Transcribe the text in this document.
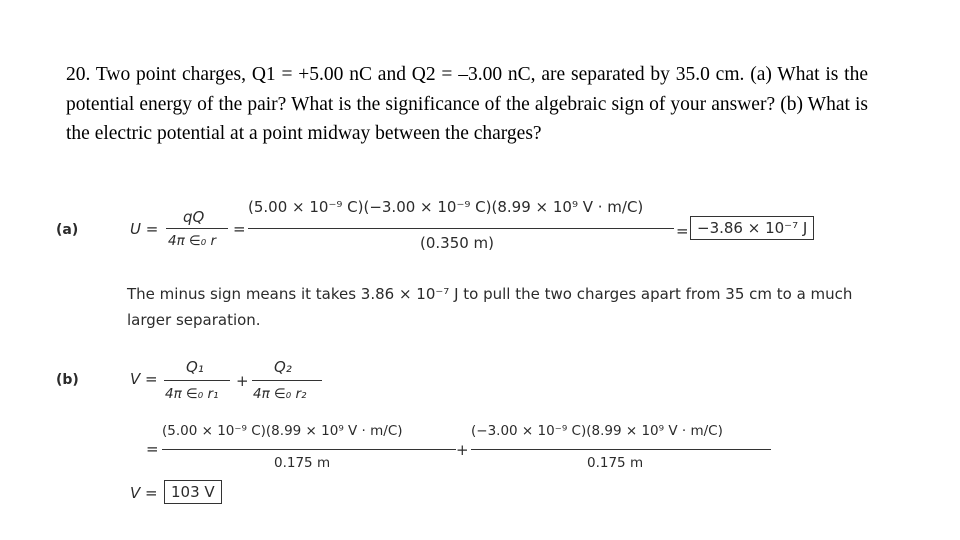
20. Two point charges, Q1 = +5.00 nC and Q2 = –3.00 nC, are separated by 35.0 cm. (a) What is the potential energy of the pair? What is the significance of the algebraic sign of your answer? (b) What is the electric potential at a point midway between the charges?
(a)	U =
qQ
4π ∈₀ r
=
(5.00 × 10⁻⁹ C)(−3.00 × 10⁻⁹ C)(8.99 × 10⁹ V · m/C)
(0.350 m)
= −3.86 × 10⁻⁷ J
The minus sign means it takes 3.86 × 10⁻⁷ J to pull the two charges apart from 35 cm to a much larger separation.
(b)	V =
Q₁
4π ∈₀ r₁
+
Q₂
4π ∈₀ r₂
=
(5.00 × 10⁻⁹ C)(8.99 × 10⁹ V · m/C)
0.175 m
+
(−3.00 × 10⁻⁹ C)(8.99 × 10⁹ V · m/C)
0.175 m
V = 103 V
